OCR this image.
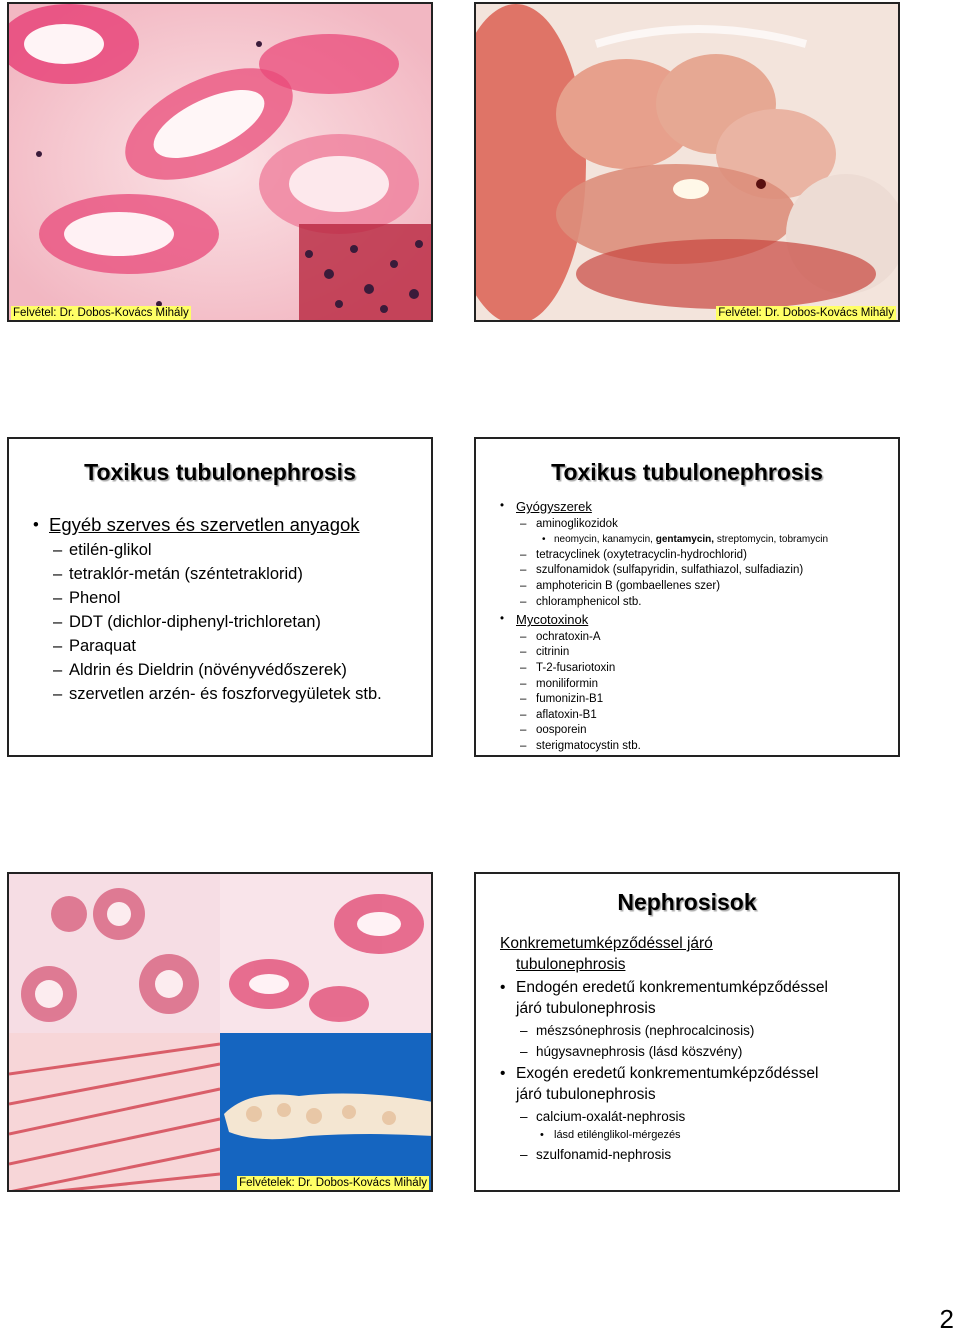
Felvétel: Dr. Dobos-Kovács Mihály	Felvétel: Dr. Dobos-Kovács Mihály
Toxikus tubulonephrosis
• Egyéb szerves és szervetlen anyagok
– etilén-glikol
– tetraklór-metán (széntetraklorid)
– Phenol
– DDT (dichlor-diphenyl-trichloretan)
– Paraquat
– Aldrin és Dieldrin (növényvédőszerek)
– szervetlen arzén- és foszforvegyületek stb.
Toxikus tubulonephrosis
• Gyógyszerek
– aminoglikozidok
• neomycin, kanamycin, gentamycin, streptomycin, tobramycin
– tetracyclinek (oxytetracyclin-hydrochlorid)
– szulfonamidok (sulfapyridin, sulfathiazol, sulfadiazin)
– amphotericin B (gombaellenes szer)
– chloramphenicol stb.
• Mycotoxinok
– ochratoxin-A
– citrinin
– T-2-fusariotoxin
– moniliformin
– fumonizin-B1
– aflatoxin-B1
– oosporein
– sterigmatocystin stb.
Felvételek: Dr. Dobos-Kovács Mihály
Nephrosisok
Konkremetumképződéssel járó
tubulonephrosis
• Endogén eredetű konkrementumképződéssel
járó tubulonephrosis
– mészsónephrosis (nephrocalcinosis)
– húgysavnephrosis (lásd köszvény)
• Exogén eredetű konkrementumképződéssel
járó tubulonephrosis
– calcium-oxalát-nephrosis
• lásd etilénglikol-mérgezés
– szulfonamid-nephrosis
2
